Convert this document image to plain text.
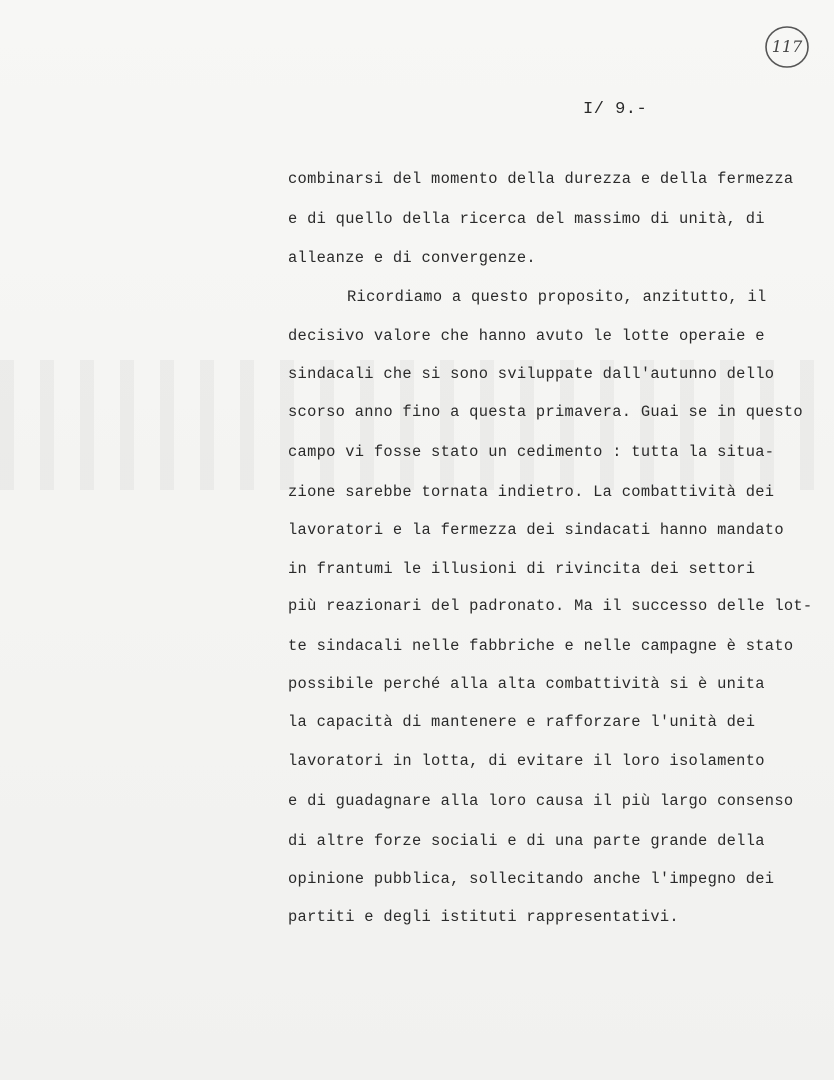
117
I/ 9.-
combinarsi del momento della durezza e della fermezza
e di quello della ricerca del massimo di unità, di
alleanze e di convergenze.
Ricordiamo a questo proposito, anzitutto, il
decisivo valore che hanno avuto le lotte operaie e
sindacali che si sono sviluppate dall'autunno dello
scorso anno fino a questa primavera. Guai se in questo
campo vi fosse stato un cedimento : tutta la situa-
zione sarebbe tornata indietro. La combattività dei
lavoratori e la fermezza dei sindacati hanno mandato
in frantumi le illusioni di rivincita dei settori
più reazionari del padronato. Ma il successo delle lot-
te sindacali nelle fabbriche e nelle campagne è stato
possibile perché alla alta combattività si è unita
la capacità di mantenere e rafforzare l'unità dei
lavoratori in lotta, di evitare il loro isolamento
e di guadagnare alla loro causa il più largo consenso
di altre forze sociali e di una parte grande della
opinione pubblica, sollecitando anche l'impegno dei
partiti e degli istituti rappresentativi.
